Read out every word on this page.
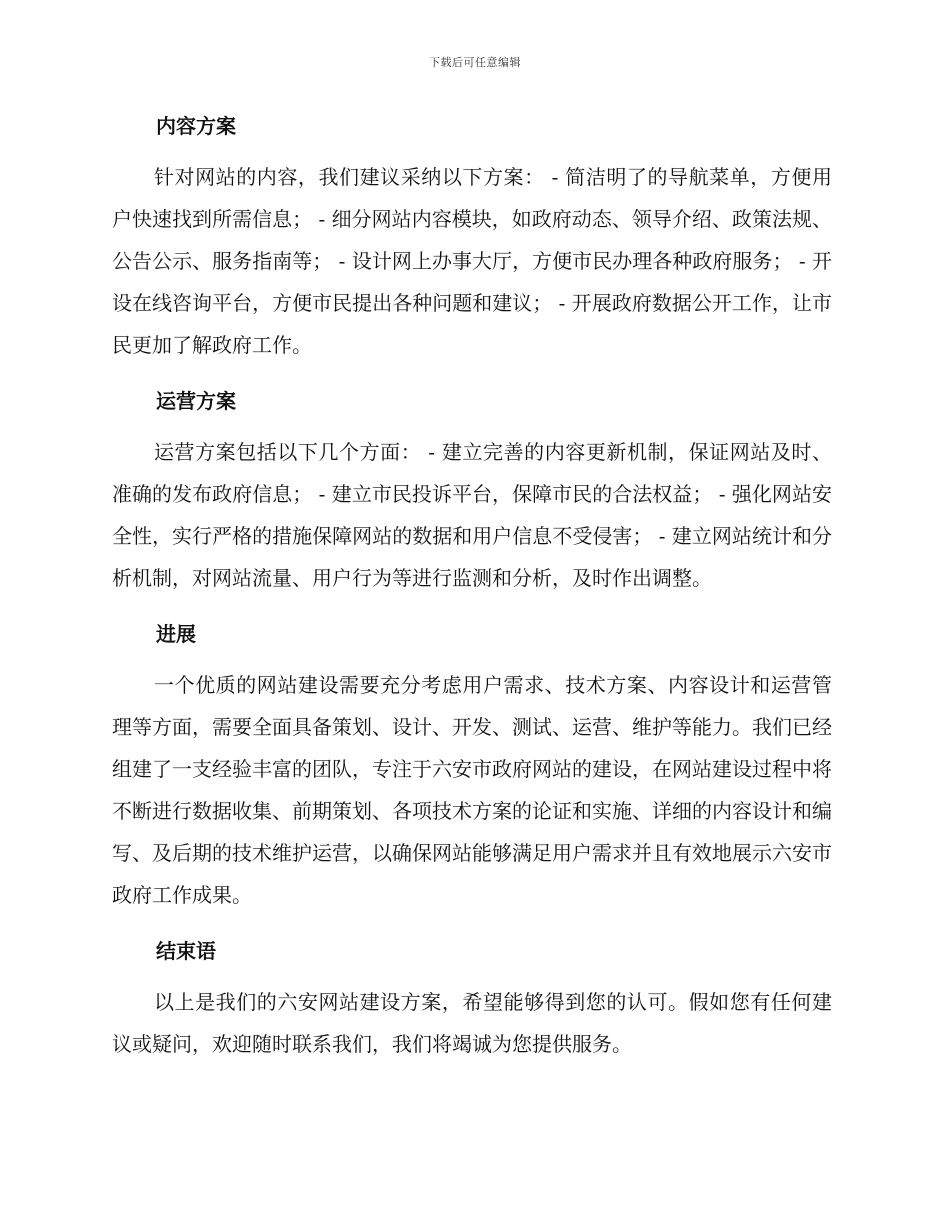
下载后可任意编辑
内容方案

针对网站的内容，我们建议采纳以下方案： - 简洁明了的导航菜单，方便用户快速找到所需信息； - 细分网站内容模块，如政府动态、领导介绍、政策法规、公告公示、服务指南等； - 设计网上办事大厅，方便市民办理各种政府服务； - 开设在线咨询平台，方便市民提出各种问题和建议； - 开展政府数据公开工作，让市民更加了解政府工作。

运营方案

运营方案包括以下几个方面： - 建立完善的内容更新机制，保证网站及时、准确的发布政府信息； - 建立市民投诉平台，保障市民的合法权益； - 强化网站安全性，实行严格的措施保障网站的数据和用户信息不受侵害； - 建立网站统计和分析机制，对网站流量、用户行为等进行监测和分析，及时作出调整。

进展

一个优质的网站建设需要充分考虑用户需求、技术方案、内容设计和运营管理等方面，需要全面具备策划、设计、开发、测试、运营、维护等能力。我们已经组建了一支经验丰富的团队，专注于六安市政府网站的建设，在网站建设过程中将不断进行数据收集、前期策划、各项技术方案的论证和实施、详细的内容设计和编写、及后期的技术维护运营，以确保网站能够满足用户需求并且有效地展示六安市政府工作成果。

结束语

以上是我们的六安网站建设方案，希望能够得到您的认可。假如您有任何建议或疑问，欢迎随时联系我们，我们将竭诚为您提供服务。
